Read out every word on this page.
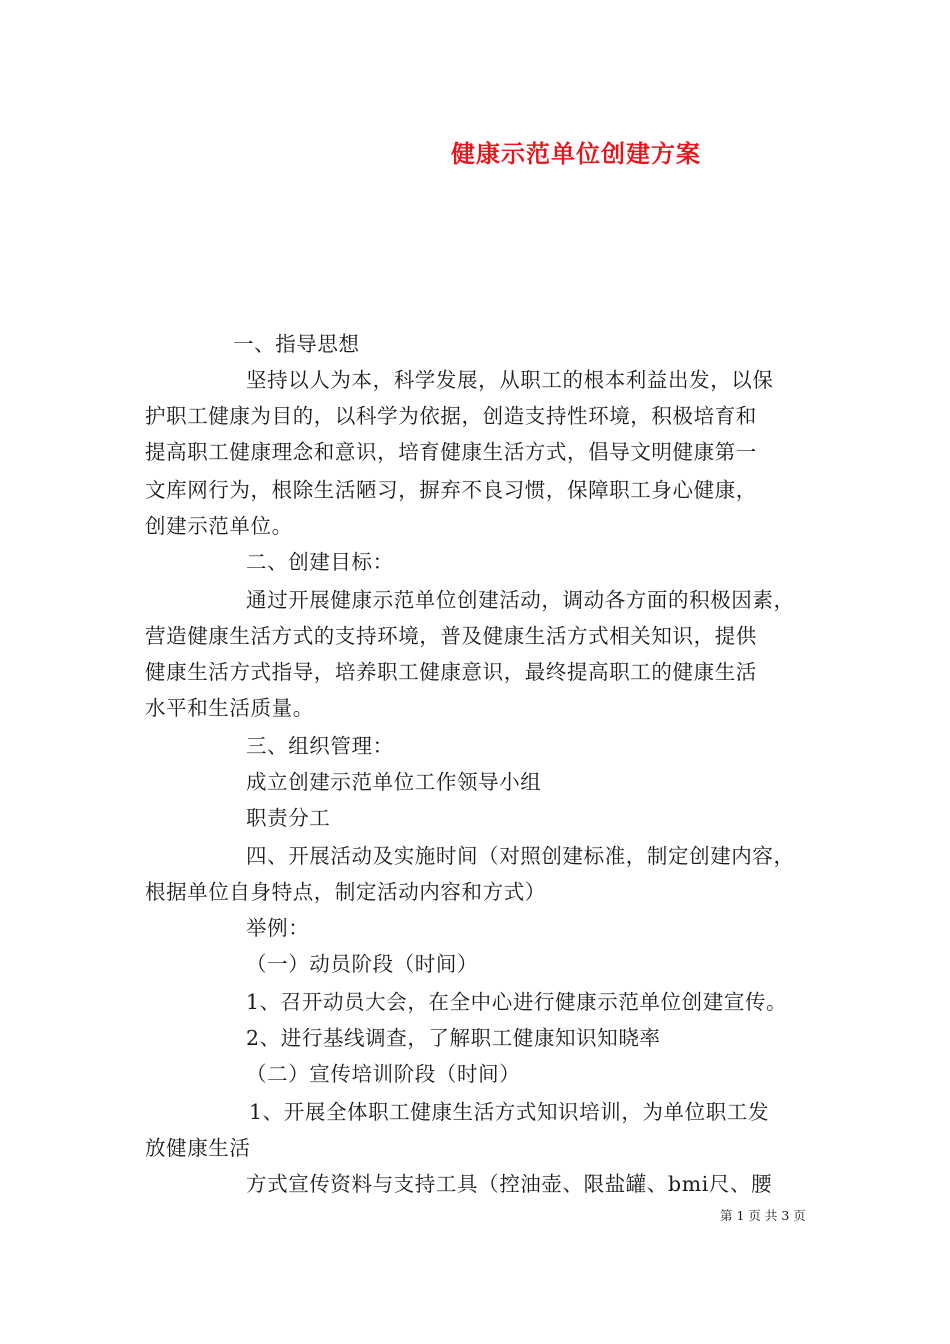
健康示范单位创建方案
一、指导思想
坚持以人为本，科学发展，从职工的根本利益出发，以保
护职工健康为目的，以科学为依据，创造支持性环境，积极培育和
提高职工健康理念和意识，培育健康生活方式，倡导文明健康第一
文库网行为，根除生活陋习，摒弃不良习惯，保障职工身心健康，
创建示范单位。
二、创建目标：
通过开展健康示范单位创建活动，调动各方面的积极因素，
营造健康生活方式的支持环境，普及健康生活方式相关知识，提供
健康生活方式指导，培养职工健康意识，最终提高职工的健康生活
水平和生活质量。
三、组织管理：
成立创建示范单位工作领导小组
职责分工
四、开展活动及实施时间（对照创建标准，制定创建内容，
根据单位自身特点，制定活动内容和方式）
举例：
（一）动员阶段（时间）
1、召开动员大会，在全中心进行健康示范单位创建宣传。
2、进行基线调查，了解职工健康知识知晓率
（二）宣传培训阶段（时间）
1、开展全体职工健康生活方式知识培训，为单位职工发
放健康生活
方式宣传资料与支持工具（控油壶、限盐罐、bmi尺、腰
第 1 页 共 3 页
